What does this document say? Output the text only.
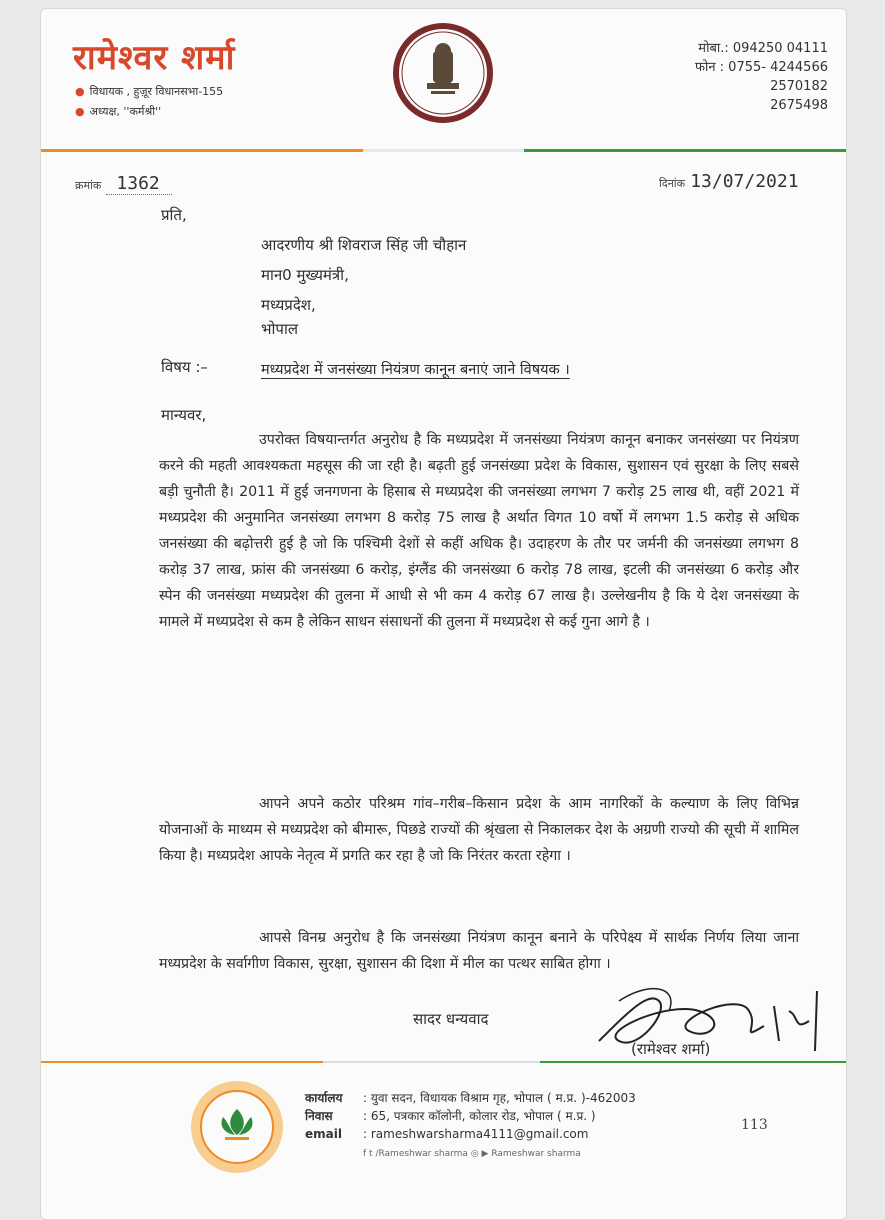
रामेश्वर शर्मा
● विधायक , हुज़ूर विधानसभा-155
● अध्यक्ष, ''कर्मश्री''
मोबा.: 094250 04111
फोन : 0755- 4244566
2570182
2675498
क्रमांक 1362	दिनांक 13/07/2021
प्रति,
आदरणीय श्री शिवराज सिंह जी चौहान
मान0 मुख्यमंत्री,
मध्यप्रदेश,
भोपाल
विषय :–	मध्यप्रदेश में जनसंख्या नियंत्रण कानून बनाएं जाने विषयक ।
मान्यवर,
उपरोक्त विषयान्तर्गत अनुरोध है कि मध्यप्रदेश में जनसंख्या नियंत्रण कानून बनाकर जनसंख्या पर नियंत्रण करने की महती आवश्यकता महसूस की जा रही है। बढ़ती हुई जनसंख्या प्रदेश के विकास, सुशासन एवं सुरक्षा के लिए सबसे बड़ी चुनौती है। 2011 में हुई जनगणना के हिसाब से मध्यप्रदेश की जनसंख्या लगभग 7 करोड़ 25 लाख थी, वहीं 2021 में मध्यप्रदेश की अनुमानित जनसंख्या लगभग 8 करोड़ 75 लाख है अर्थात विगत 10 वर्षो में लगभग 1.5 करोड़ से अधिक जनसंख्या की बढ़ोत्तरी हुई है जो कि पश्चिमी देशों से कहीं अधिक है। उदाहरण के तौर पर जर्मनी की जनसंख्या लगभग 8 करोड़ 37 लाख, फ्रांस की जनसंख्या 6 करोड़, इंग्लैंड की जनसंख्या 6 करोड़ 78 लाख, इटली की जनसंख्या 6 करोड़ और स्पेन की जनसंख्या मध्यप्रदेश की तुलना में आधी से भी कम 4 करोड़ 67 लाख है। उल्लेखनीय है कि ये देश जनसंख्या के मामले में मध्यप्रदेश से कम है लेकिन साधन संसाधनों की तुलना में मध्यप्रदेश से कई गुना आगे है ।
आपने अपने कठोर परिश्रम गांव–गरीब–किसान प्रदेश के आम नागरिकों के कल्याण के लिए विभिन्न योजनाओं के माध्यम से मध्यप्रदेश को बीमारू, पिछडे राज्यों की श्रृंखला से निकालकर देश के अग्रणी राज्यो की सूची में शामिल किया है। मध्यप्रदेश आपके नेतृत्व में प्रगति कर रहा है जो कि निरंतर करता रहेगा ।
आपसे विनम्र अनुरोध है कि जनसंख्या नियंत्रण कानून बनाने के परिपेक्ष्य में सार्थक निर्णय लिया जाना मध्यप्रदेश के सर्वागीण विकास, सुरक्षा, सुशासन की दिशा में मील का पत्थर साबित होगा ।
सादर धन्यवाद
(रामेश्वर शर्मा)
कार्यालय : युवा सदन, विधायक विश्राम गृह, भोपाल ( म.प्र. )-462003
निवास	: 65, पत्रकार कॉलोनी, कोलार रोड, भोपाल ( म.प्र. )
email : rameshwarsharma4111@gmail.com
f t /Rameshwar sharma ◎ ▶ Rameshwar sharma
113
